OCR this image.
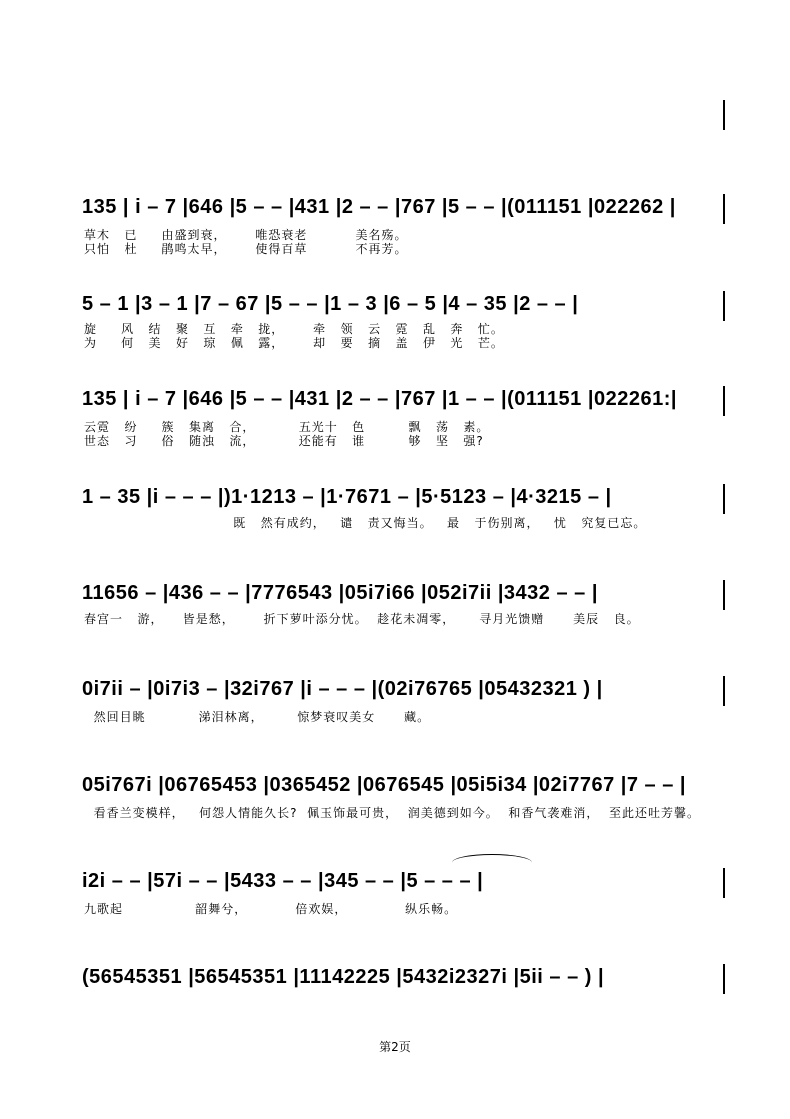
135 | i – 7 |646 |5 – – |431 |2 – – |767 |5 – – |(011151 |022262 |
草木   已     由盛到衰，      唯恐衰老          美名殇。
只怕   杜     鹃鸣太早，      使得百草          不再芳。
5 – 1 |3 – 1 |7 – 67 |5 – – |1 – 3 |6 – 5 |4 – 35 |2 – – |
旋     风   结   聚   互   牵   拢，      牵   领   云   霓   乱   奔   忙。
为     何   美   好   琼   佩   露，      却   要   摘   盖   伊   光   芒。
135 | i – 7 |646 |5 – – |431 |2 – – |767 |1 – – |(011151 |022261:|
云霓   纷     簇   集离   合，         五光十   色         飘   荡   素。
世态   习     俗   随浊   流，         还能有   谁         够   坚   强?
1 – 35 |i – – – |)1·1213 – |1·7671 – |5·5123 – |4·3215 – |
既   然有成约，   谴   责又悔当。   最   于伤别离，   忧   究复已忘。
11656 – |436 – – |7776543 |05i7i66 |052i7ii |3432 – – |
春宫一   游，    皆是愁，      折下萝叶添分忧。  趁花未凋零，     寻月光馈赠      美辰   良。
0i7ii – |0i7i3 – |32i767 |i – – – |(02i76765 |05432321 ) |
然回目眺           涕泪林离，       惊梦衰叹美女      藏。
05i767i |06765453 |0365452 |0676545 |05i5i34 |02i7767 |7 – – |
看香兰变模样，   何怨人情能久长?  佩玉饰最可贵，  润美德到如今。  和香气袭难消，  至此还吐芳馨。
i2i – – |57i – – |5433 – – |345 – – |5 – – – |
九歌起               韶舞兮，          倍欢娱，            纵乐畅。
(56545351 |56545351 |11142225 |5432i2327i |5ii – – ) |
第2页
